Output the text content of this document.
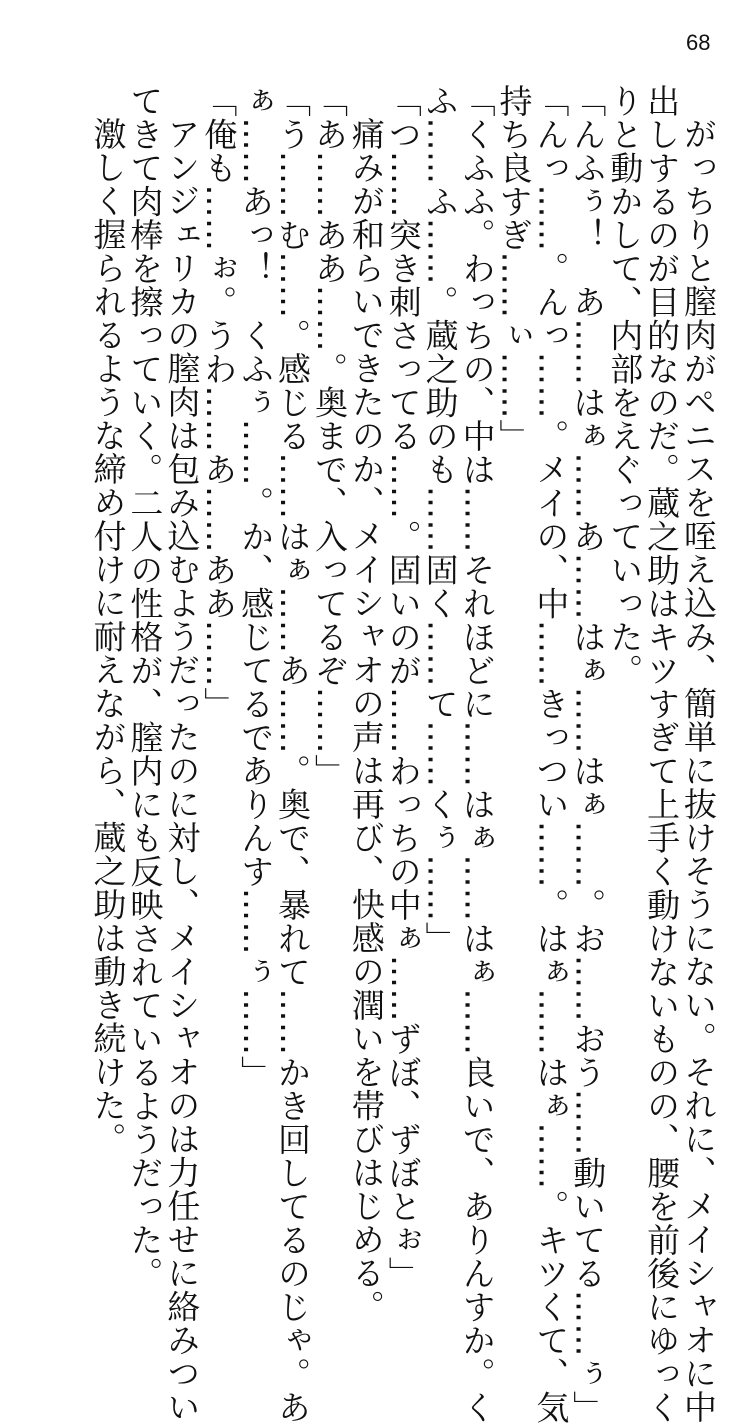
68

がっちりと膣肉がペニスを咥え込み、簡単に抜けそうにない。それに、メイシャオに中

出しするのが目的なのだ。蔵之助はキツすぎて上手く動けないものの、腰を前後にゆっく

りと動かして、内部をえぐっていった。

「んふぅ！　あ……はぁ……あ……はぁ……はぁ……。お……おう……動いてる……ぅ」

「んっ……。んっ……。メイの、中……きっつい……。はぁ……はぁ……。キツくて、気

持ち良すぎ……ぃ……」

「くふふ。わっちの、中は……それほどに……はぁ……はぁ……良いで、ありんすか。く

ふ……ふ……。蔵之助のも……固く……て……くぅ……」

「つ……突き刺さってる……。固いのが……わっちの中ぁ……ずぼ、ずぼとぉ」

痛みが和らいできたのか、メイシャオの声は再び、快感の潤いを帯びはじめる。

「あ……ああ……。奥まで、入ってるぞ……」

「う……む……。感じる……はぁ……あ……。奥で、暴れて……かき回してるのじゃ。あ

ぁ……あっ！　くふぅ……。か、感じてるでありんす……ぅ……」

「俺も……ぉ。うわ……あ……ああ……」

アンジェリカの膣肉は包み込むようだったのに対し、メイシャオのは力任せに絡みつい

てきて肉棒を擦っていく。二人の性格が、膣内にも反映されているようだった。

激しく握られるような締め付けに耐えながら、蔵之助は動き続けた。
